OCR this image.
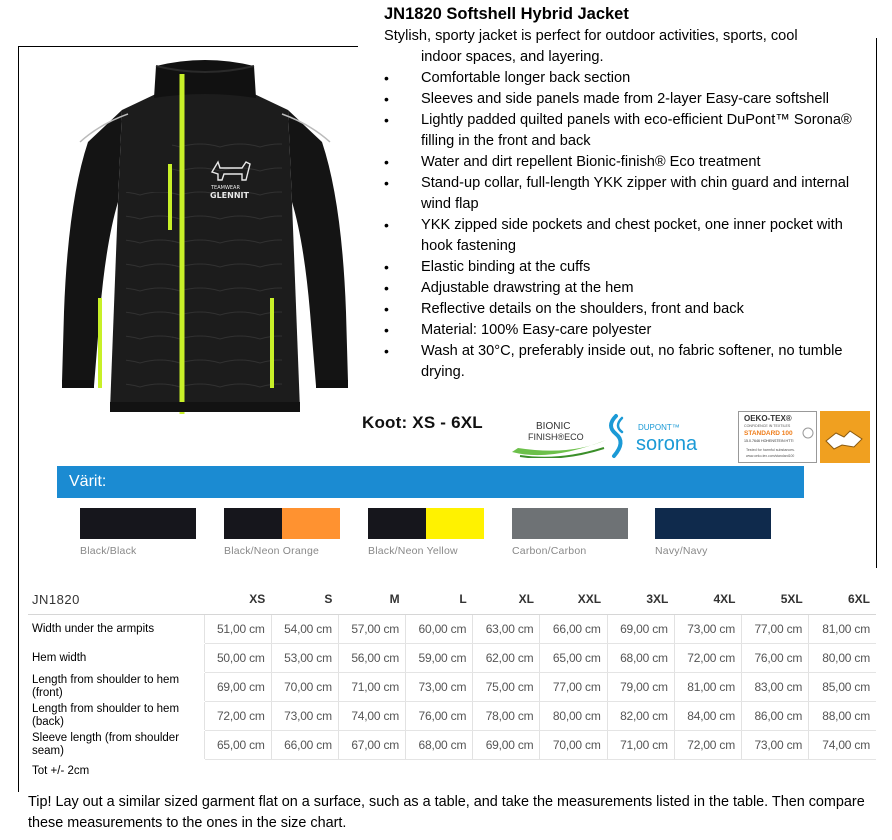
TEAMWEAR
GLENNIT
JN1820 Softshell Hybrid Jacket

Stylish, sporty jacket is perfect for outdoor activities, sports, cool
indoor spaces, and layering.

• Comfortable longer back section
• Sleeves and side panels made from 2-layer Easy-care softshell
• Lightly padded quilted panels with eco-efficient DuPont™ Sorona® filling in the front and back
• Water and dirt repellent Bionic-finish® Eco treatment
• Stand-up collar, full-length YKK zipper with chin guard and internal wind flap
• YKK zipped side pockets and chest pocket, one inner pocket with hook fastening
• Elastic binding at the cuffs
• Adjustable drawstring at the hem
• Reflective details on the shoulders, front and back
• Material: 100% Easy-care polyester
• Wash at 30°C, preferably inside out, no fabric softener, no tumble drying.
Koot: XS - 6XL	BIONIC
FINISH®ECO
DUPONT™
sorona
OEKO-TEX®
CONFIDENCE IN TEXTILES
STANDARD 100
15.0.7646 HOHENSTEIN HTTI
Tested for harmful substances.
www.oeko-tex.com/standard100
Värit:
Black/Black	Black/Neon Orange	Black/Neon Yellow	Carbon/Carbon	Navy/Navy
JN1820	XS	S	M	L	XL	XXL	3XL	4XL	5XL	6XL
Width under the armpits	51,00 cm	54,00 cm	57,00 cm	60,00 cm	63,00 cm	66,00 cm	69,00 cm	73,00 cm	77,00 cm	81,00 cm
Hem width	50,00 cm	53,00 cm	56,00 cm	59,00 cm	62,00 cm	65,00 cm	68,00 cm	72,00 cm	76,00 cm	80,00 cm
Length from shoulder to hem (front)	69,00 cm	70,00 cm	71,00 cm	73,00 cm	75,00 cm	77,00 cm	79,00 cm	81,00 cm	83,00 cm	85,00 cm
Length from shoulder to hem (back)	72,00 cm	73,00 cm	74,00 cm	76,00 cm	78,00 cm	80,00 cm	82,00 cm	84,00 cm	86,00 cm	88,00 cm
Sleeve length (from shoulder seam)	65,00 cm	66,00 cm	67,00 cm	68,00 cm	69,00 cm	70,00 cm	71,00 cm	72,00 cm	73,00 cm	74,00 cm
Tot +/- 2cm
Tip! Lay out a similar sized garment flat on a surface, such as a table, and take the measurements listed in the table. Then compare these measurements to the ones in the size chart.
